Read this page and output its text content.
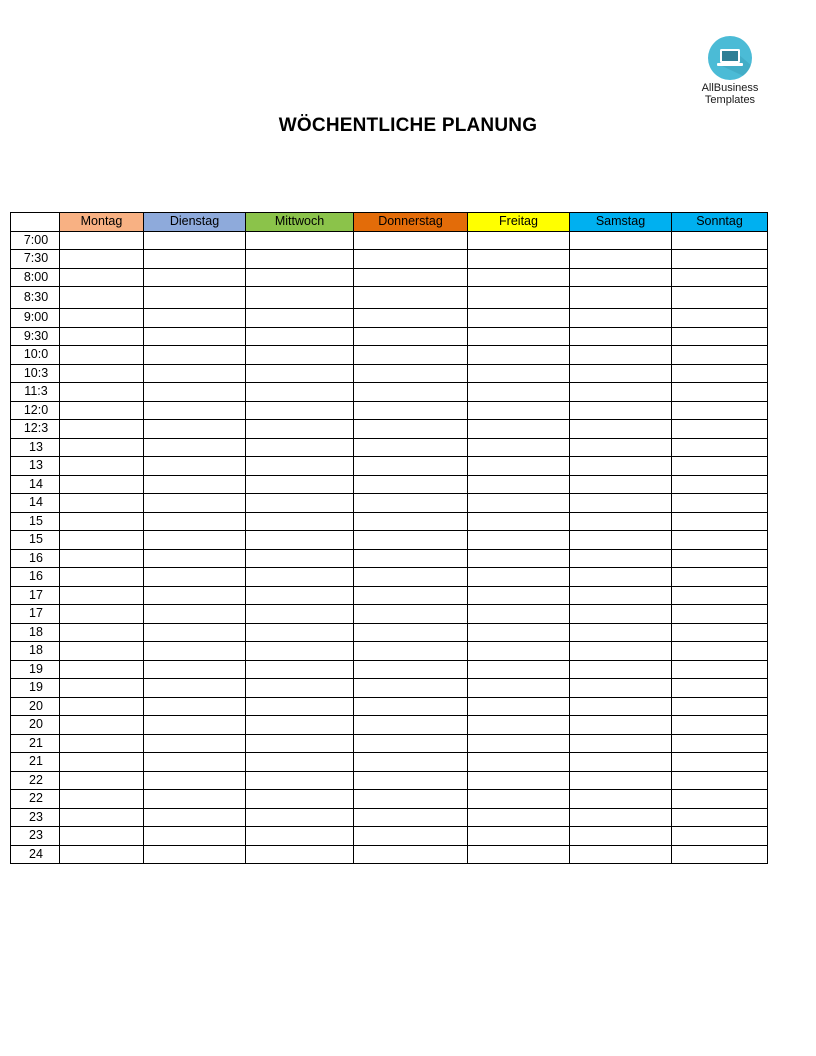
AllBusiness
Templates
WÖCHENTLICHE PLANUNG
	Montag	Dienstag	Mittwoch	Donnerstag	Freitag	Samstag	Sonntag
7:00							
7:30							
8:00							
8:30							
9:00							
9:30							
10:0							
10:3							
11:3							
12:0							
12:3							
13							
13							
14							
14							
15							
15							
16							
16							
17							
17							
18							
18							
19							
19							
20							
20							
21							
21							
22							
22							
23							
23							
24							
